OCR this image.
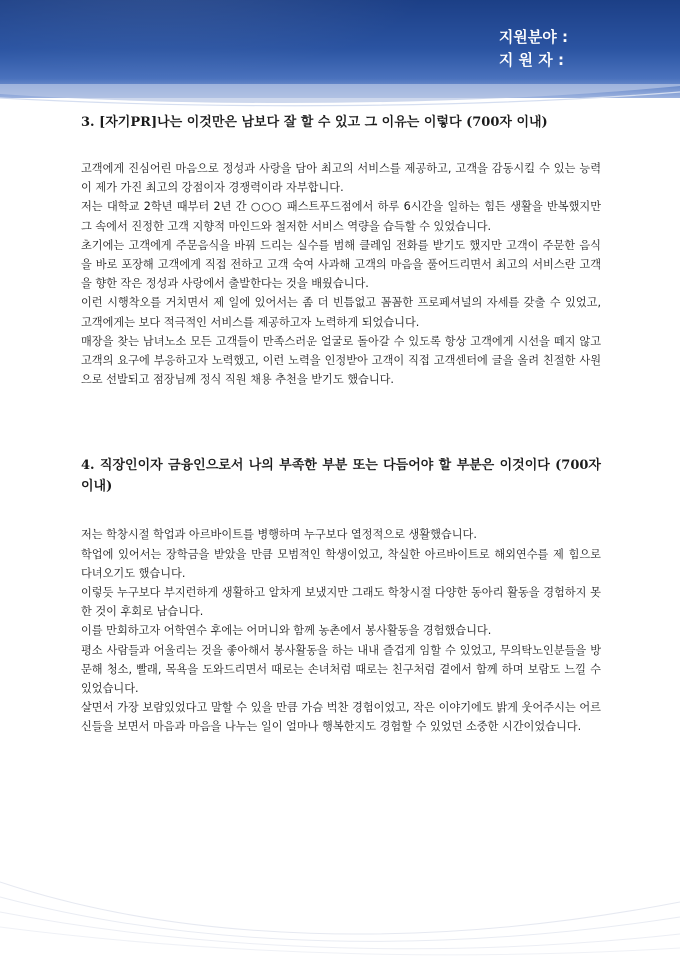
지원분야 :
지 원 자 :
3. [자기PR]나는 이것만은 남보다 잘 할 수 있고 그 이유는 이렇다 (700자 이내)

고객에게 진심어린 마음으로 정성과 사랑을 담아 최고의 서비스를 제공하고, 고객을 감동시킬 수 있는 능력이 제가 가진 최고의 강점이자 경쟁력이라 자부합니다.

저는 대학교 2학년 때부터 2년 간 ○○○ 패스트푸드점에서 하루 6시간을 일하는 힘든 생활을 반복했지만 그 속에서 진정한 고객 지향적 마인드와 철저한 서비스 역량을 습득할 수 있었습니다.

초기에는 고객에게 주문음식을 바꿔 드리는 실수를 범해 클레임 전화를 받기도 했지만 고객이 주문한 음식을 바로 포장해 고객에게 직접 전하고 고객 숙여 사과해 고객의 마음을 풀어드리면서 최고의 서비스란 고객을 향한 작은 정성과 사랑에서 출발한다는 것을 배웠습니다.

이런 시행착오를 거치면서 제 일에 있어서는 좀 더 빈틈없고 꼼꼼한 프로페셔널의 자세를 갖출 수 있었고, 고객에게는 보다 적극적인 서비스를 제공하고자 노력하게 되었습니다.

매장을 찾는 남녀노소 모든 고객들이 만족스러운 얼굴로 돌아갈 수 있도록 항상 고객에게 시선을 떼지 않고 고객의 요구에 부응하고자 노력했고, 이런 노력을 인정받아 고객이 직접 고객센터에 글을 올려 친절한 사원으로 선발되고 점장님께 정식 직원 채용 추천을 받기도 했습니다.

4. 직장인이자 금융인으로서 나의 부족한 부분 또는 다듬어야 할 부분은 이것이다 (700자 이내)

저는 학창시절 학업과 아르바이트를 병행하며 누구보다 열정적으로 생활했습니다.

학업에 있어서는 장학금을 받았을 만큼 모범적인 학생이었고, 착실한 아르바이트로 해외연수를 제 힘으로 다녀오기도 했습니다.

이렇듯 누구보다 부지런하게 생활하고 알차게 보냈지만 그래도 학창시절 다양한 동아리 활동을 경험하지 못한 것이 후회로 남습니다.

이를 만회하고자 어학연수 후에는 어머니와 함께 농촌에서 봉사활동을 경험했습니다.

평소 사람들과 어울리는 것을 좋아해서 봉사활동을 하는 내내 즐겁게 임할 수 있었고, 무의탁노인분들을 방문해 청소, 빨래, 목욕을 도와드리면서 때로는 손녀처럼 때로는 친구처럼 곁에서 함께 하며 보람도 느낄 수 있었습니다.

살면서 가장 보람있었다고 말할 수 있을 만큼 가슴 벅찬 경험이었고, 작은 이야기에도 밝게 웃어주시는 어르신들을 보면서 마음과 마음을 나누는 일이 얼마나 행복한지도 경험할 수 있었던 소중한 시간이었습니다.
